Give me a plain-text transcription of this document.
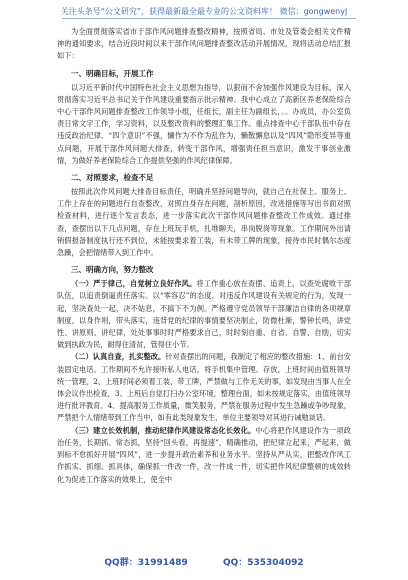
关注头条号“公文研究”，获得最新最全最专业的公文资料库！ 微信：gongwenyj

为全面贯彻落实省市于部作风问题排查整改精神，按照省局、市处及管委会相关文件精神的通知要求，结合近段时间以来干部作风问题排查整改活动开展情况，现将活动总结汇报如下：

一、明确目标，开展工作

以习近平新时代中国特色社会主义思想为指导，以狠而不舍加强作风建设为目标，深入贯彻落实习近平总书记关于作风建设重要指示批示精神。我中心成立了高新区养老保险综合中心干部作风问题排查整改工作领导小组，任组长，副主任为副组长，。。办成员，办公室负责日常文字工作，学习资料，以及整改资料的整理汇集工作。重点排查中心干部队伍中存在违反政治纪律、“四个意识”不强，慵作为不作为乱作为，懒散懈怠以及“四风”隐形变异等重点问题，开展干部作风问题大排查，转变干部作风，增强责任担当意识，激发干事创业激情，为做好养老保险综合工作提供坚强的作风纪律保障。

二、对照要求，检查不足

按照此次作风问题大排查目标责任，明确并坚持问题导向，就自己在社保上、服务上、工作上存在的问题进行自查整改，对照自身存在问题，剖析原因，改进措施等写出书面对照检查材料，进行逐个发言表态，进一步落实此次干部作风问题排查整改工作成效。通过排查，查摆出以下几点问题，存在上班玩手机，扎堆聊天，串岗脱岗等现象。工作期间外出请销假报备制度执行还不到位，未能按要求着工装，有未带工牌的现象，接待市民时偶尔态度急躁，会把情绪带入到工作中。

三、明确方向，努力整改

（一）严于律己，自觉树立良好作风。将工作重心放在查摆、追责上，以查处腐败干部队伍，以追责倒逼责任落实。以“零容忍”的态度，对违反作风建设有关规定的行为，发现一起，坚决查处一起，决不姑息，不搞下不为例。严格遵守党员领导干部廉洁自律的各项规章制度，以身作则，带头落实，违背党的纪律的事情要坚决制止，防微杜渐，警钟长鸣，讲党性、讲原则、讲纪律，处处事事时时严格要求自己，时时刻自重、自省、自警、自励，切实做到执政为民，耐得住清贫，管得住小节。

（二）认真自查，扎实整改。针对查摆出的问题，我制定了相应的整改措施：1、前台安装固定电话。工作期间不允许接听私人电话，将手机集中管理。存放，上班时间由值班领导统一管理，2、上班时间必须着工装，带工牌，严禁做与工作无关的事，如发现由当事人在全体会议作出检查，3、上班后自觉打扫办公室环境，整理台面，如未按规定落实，由值班领导进行批评教育。4、提高服务工作质量，微笑服务，严禁在服务过程中发生急躁或争吵现象，严禁把个人情绪带到工作当中，如有此类现象发生，单位主要领导对其进行诫勉谈话。

（三）建立长效机制，推动纪律作风建设常态化长效化。中心将把作风建设作为一项政治任务，长期抓、常态抓，坚持“回头看，再提速”，精确推动，把纪律立起来，严起来，做到标不怠抓好开展“四风”，进一步提升政治素养和业务水平。坚持从严从实，把整改作风工作抓实、抓细、抓具体，确保抓一件改一件，改一件成一件，切实把作风纪律整顿的成效转化为促进工作落实的效果上，使全中

QQ群：31991489	QQ：535304092
